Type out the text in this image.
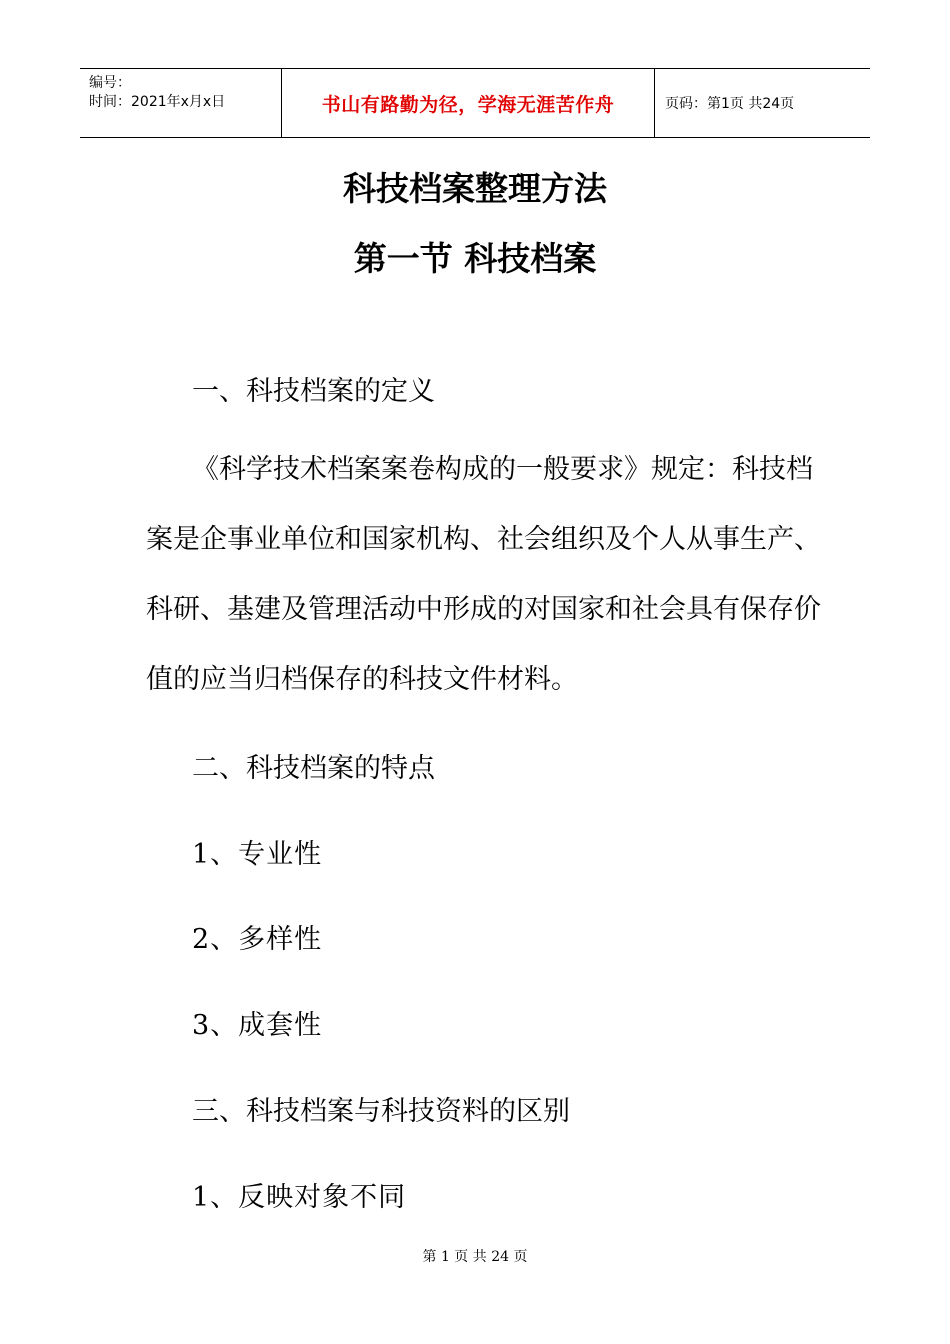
编号：
时间：2021年x月x日	书山有路勤为径，学海无涯苦作舟	页码：第1页 共24页
科技档案整理方法
第一节 科技档案
一、科技档案的定义
《科学技术档案案卷构成的一般要求》规定：科技档案是企事业单位和国家机构、社会组织及个人从事生产、科研、基建及管理活动中形成的对国家和社会具有保存价值的应当归档保存的科技文件材料。
二、科技档案的特点
1、专业性
2、多样性
3、成套性
三、科技档案与科技资料的区别
1、反映对象不同
第 1 页 共 24 页
